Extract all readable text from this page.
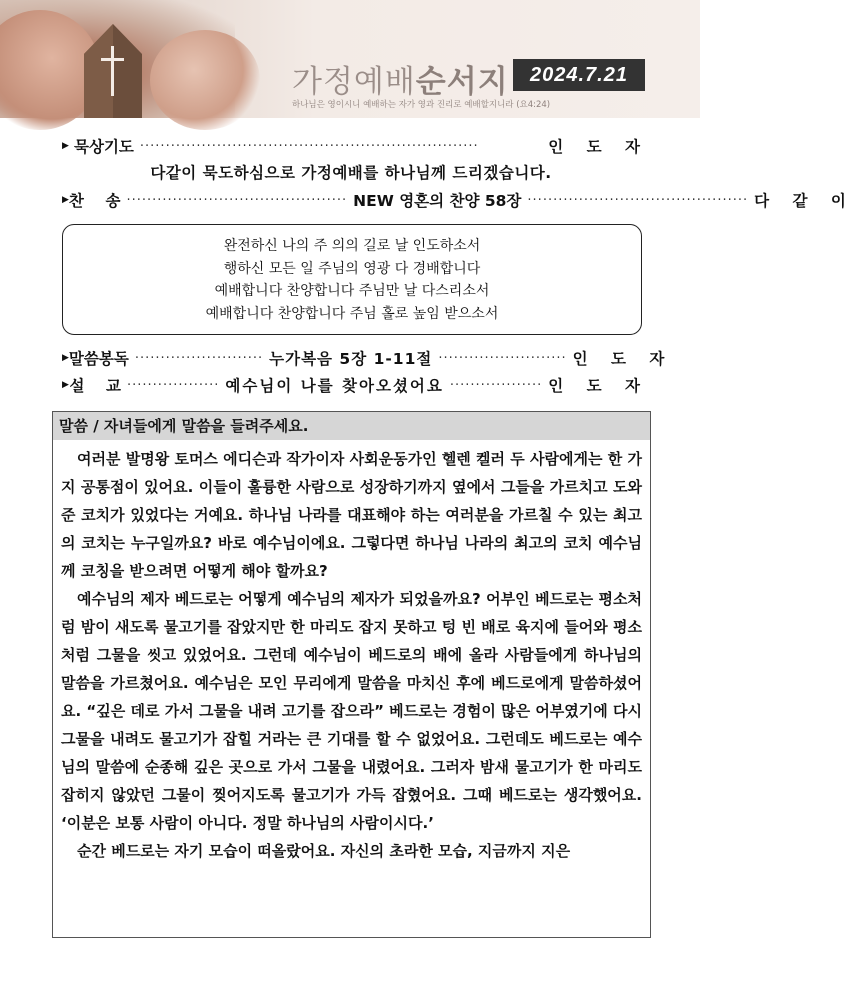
가정예배순서지	2024.7.21
하나님은 영이시니 예배하는 자가 영과 진리로 예배할지니라 (요4:24)
▶ 묵상기도 ··································································	인 도 자
다같이 묵도하심으로 가정예배를 하나님께 드리겠습니다.
▶ 찬    송 ··········································· NEW 영혼의 찬양 58장 ··········································· 다 같 이
완전하신 나의 주 의의 길로 날 인도하소서
행하신 모든 일 주님의 영광 다 경배합니다
예배합니다 찬양합니다 주님만 날 다스리소서
예배합니다 찬양합니다 주님 홀로 높임 받으소서
▶ 말씀봉독 ························· 누가복음 5장 1-11절 ························· 인 도 자
▶ 설    교 ·················· 예수님이 나를 찾아오셨어요 ·················· 인 도 자
말씀 / 자녀들에게 말씀을 들려주세요.

여러분 발명왕 토머스 에디슨과 작가이자 사회운동가인 헬렌 켈러 두 사람에게는 한 가지 공통점이 있어요. 이들이 훌륭한 사람으로 성장하기까지 옆에서 그들을 가르치고 도와준 코치가 있었다는 거예요. 하나님 나라를 대표해야 하는 여러분을 가르칠 수 있는 최고의 코치는 누구일까요? 바로 예수님이에요. 그렇다면 하나님 나라의 최고의 코치 예수님께 코칭을 받으려면 어떻게 해야 할까요?

예수님의 제자 베드로는 어떻게 예수님의 제자가 되었을까요? 어부인 베드로는 평소처럼 밤이 새도록 물고기를 잡았지만 한 마리도 잡지 못하고 텅 빈 배로 육지에 들어와 평소처럼 그물을 씻고 있었어요. 그런데 예수님이 베드로의 배에 올라 사람들에게 하나님의 말씀을 가르쳤어요. 예수님은 모인 무리에게 말씀을 마치신 후에 베드로에게 말씀하셨어요. “깊은 데로 가서 그물을 내려 고기를 잡으라” 베드로는 경험이 많은 어부였기에 다시 그물을 내려도 물고기가 잡힐 거라는 큰 기대를 할 수 없었어요. 그런데도 베드로는 예수님의 말씀에 순종해 깊은 곳으로 가서 그물을 내렸어요. 그러자 밤새 물고기가 한 마리도 잡히지 않았던 그물이 찢어지도록 물고기가 가득 잡혔어요. 그때 베드로는 생각했어요. ‘이분은 보통 사람이 아니다. 정말 하나님의 사람이시다.’

순간 베드로는 자기 모습이 떠올랐어요. 자신의 초라한 모습, 지금까지 지은
